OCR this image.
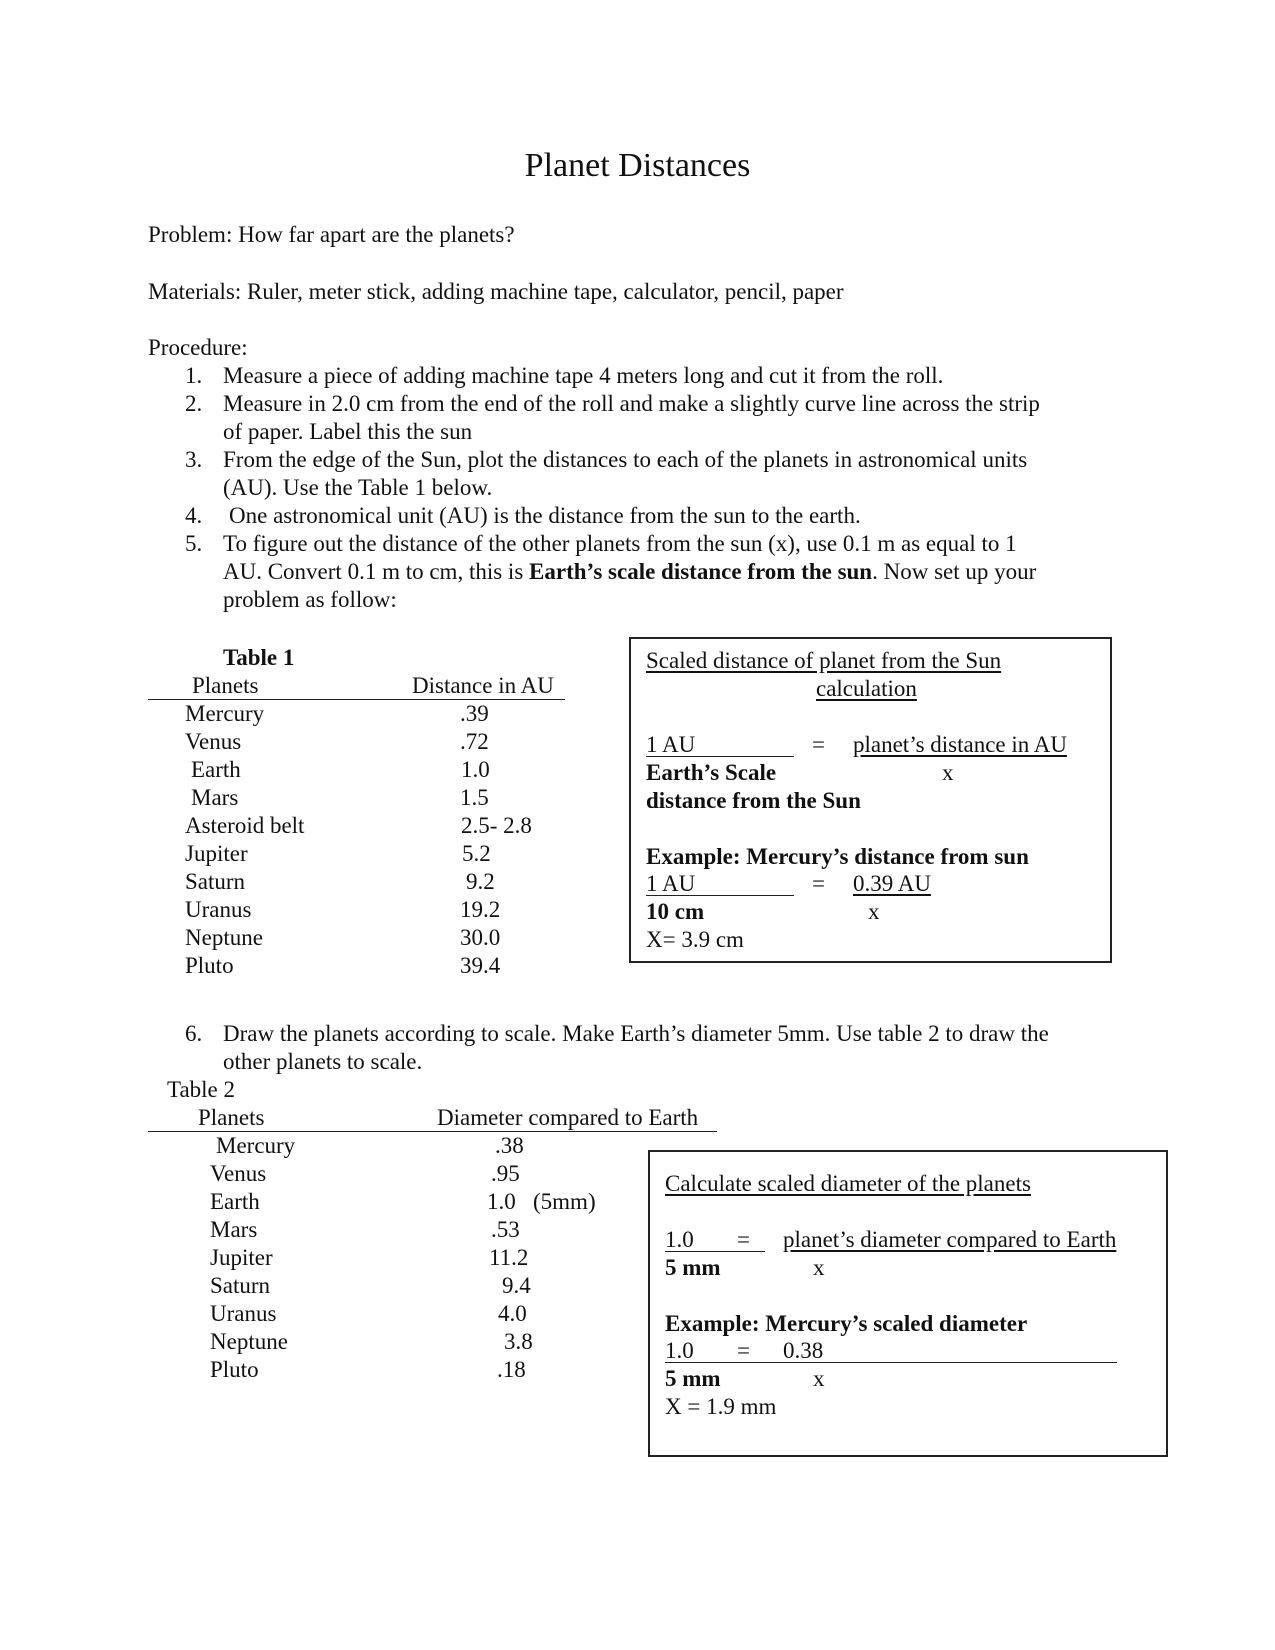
Planet Distances
Problem: How far apart are the planets?
Materials: Ruler, meter stick, adding machine tape, calculator, pencil, paper
Procedure:
1. Measure a piece of adding machine tape 4 meters long and cut it from the roll.
2. Measure in 2.0 cm from the end of the roll and make a slightly curve line across the strip
of paper. Label this the sun
3. From the edge of the Sun, plot the distances to each of the planets in astronomical units
(AU). Use the Table 1 below.
4. One astronomical unit (AU) is the distance from the sun to the earth.
5. To figure out the distance of the other planets from the sun (x), use 0.1 m as equal to 1
AU. Convert 0.1 m to cm, this is Earth’s scale distance from the sun. Now set up your
problem as follow:
Table 1
Planets	Distance in AU
Mercury	.39
Venus	.72
Earth	1.0
Mars	1.5
Asteroid belt	2.5- 2.8
Jupiter	5.2
Saturn	9.2
Uranus	19.2
Neptune	30.0
Pluto	39.4
Scaled distance of planet from the Sun
calculation
1 AU	= planet’s distance in AU
Earth’s Scale	x
distance from the Sun
Example: Mercury’s distance from sun
1 AU	= 0.39 AU
10 cm	x
X= 3.9 cm
6. Draw the planets according to scale. Make Earth’s diameter 5mm. Use table 2 to draw the
other planets to scale.
Table 2
Planets	Diameter compared to Earth
Mercury	.38
Venus	.95
Earth	1.0   (5mm)
Mars	.53
Jupiter	11.2
Saturn	9.4
Uranus	4.0
Neptune	3.8
Pluto	.18
Calculate scaled diameter of the planets
1.0 = planet’s diameter compared to Earth
5 mm	x
Example: Mercury’s scaled diameter
1.0 = 0.38
5 mm	x
X = 1.9 mm
